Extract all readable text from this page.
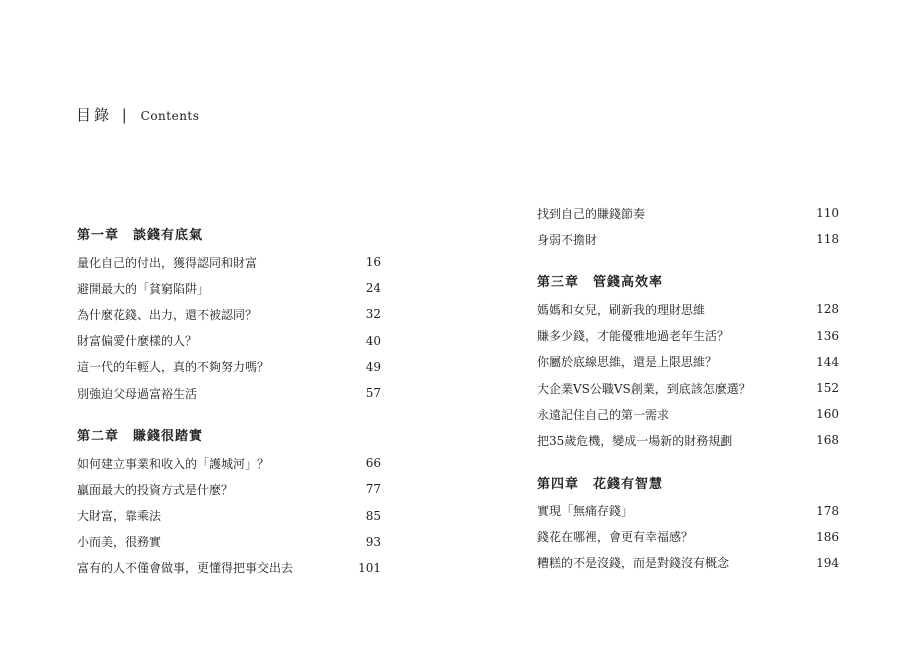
目錄 | Contents
第一章 談錢有底氣
量化自己的付出，獲得認同和財富	16
避開最大的「貧窮陷阱」	24
為什麼花錢、出力，還不被認同？	32
財富偏愛什麼樣的人？	40
這一代的年輕人，真的不夠努力嗎？	49
別強迫父母過富裕生活	57
第二章 賺錢很踏實
如何建立事業和收入的「護城河」？	66
贏面最大的投資方式是什麼？	77
大財富，靠乘法	85
小而美，很務實	93
富有的人不僅會做事，更懂得把事交出去	101
找到自己的賺錢節奏	110
身弱不擔財	118
第三章 管錢高效率
媽媽和女兒，刷新我的理財思維	128
賺多少錢，才能優雅地過老年生活？	136
你屬於底線思維，還是上限思維？	144
大企業VS公職VS創業，到底該怎麼選？	152
永遠記住自己的第一需求	160
把35歲危機，變成一場新的財務規劃	168
第四章 花錢有智慧
實現「無痛存錢」	178
錢花在哪裡，會更有幸福感？	186
糟糕的不是沒錢，而是對錢沒有概念	194
